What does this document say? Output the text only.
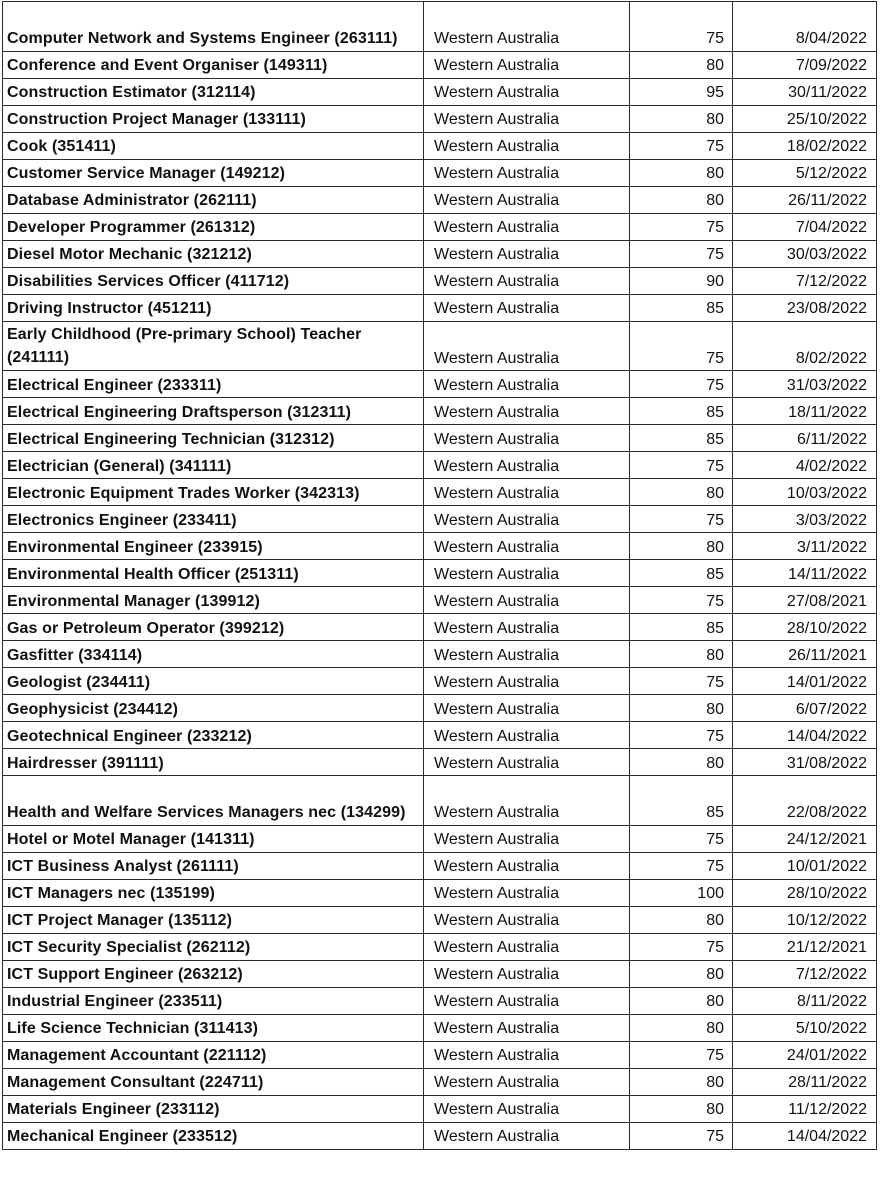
Computer Network and Systems Engineer (263111)	Western Australia	75	8/04/2022
Conference and Event Organiser (149311)	Western Australia	80	7/09/2022
Construction Estimator (312114)	Western Australia	95	30/11/2022
Construction Project Manager (133111)	Western Australia	80	25/10/2022
Cook (351411)	Western Australia	75	18/02/2022
Customer Service Manager (149212)	Western Australia	80	5/12/2022
Database Administrator (262111)	Western Australia	80	26/11/2022
Developer Programmer (261312)	Western Australia	75	7/04/2022
Diesel Motor Mechanic (321212)	Western Australia	75	30/03/2022
Disabilities Services Officer (411712)	Western Australia	90	7/12/2022
Driving Instructor (451211)	Western Australia	85	23/08/2022
Early Childhood (Pre-primary School) Teacher (241111)	Western Australia	75	8/02/2022
Electrical Engineer (233311)	Western Australia	75	31/03/2022
Electrical Engineering Draftsperson (312311)	Western Australia	85	18/11/2022
Electrical Engineering Technician (312312)	Western Australia	85	6/11/2022
Electrician (General) (341111)	Western Australia	75	4/02/2022
Electronic Equipment Trades Worker (342313)	Western Australia	80	10/03/2022
Electronics Engineer (233411)	Western Australia	75	3/03/2022
Environmental Engineer (233915)	Western Australia	80	3/11/2022
Environmental Health Officer (251311)	Western Australia	85	14/11/2022
Environmental Manager (139912)	Western Australia	75	27/08/2021
Gas or Petroleum Operator (399212)	Western Australia	85	28/10/2022
Gasfitter (334114)	Western Australia	80	26/11/2021
Geologist (234411)	Western Australia	75	14/01/2022
Geophysicist (234412)	Western Australia	80	6/07/2022
Geotechnical Engineer (233212)	Western Australia	75	14/04/2022
Hairdresser (391111)	Western Australia	80	31/08/2022
Health and Welfare Services Managers nec (134299)	Western Australia	85	22/08/2022
Hotel or Motel Manager (141311)	Western Australia	75	24/12/2021
ICT Business Analyst (261111)	Western Australia	75	10/01/2022
ICT Managers nec (135199)	Western Australia	100	28/10/2022
ICT Project Manager (135112)	Western Australia	80	10/12/2022
ICT Security Specialist (262112)	Western Australia	75	21/12/2021
ICT Support Engineer (263212)	Western Australia	80	7/12/2022
Industrial Engineer (233511)	Western Australia	80	8/11/2022
Life Science Technician (311413)	Western Australia	80	5/10/2022
Management Accountant (221112)	Western Australia	75	24/01/2022
Management Consultant (224711)	Western Australia	80	28/11/2022
Materials Engineer (233112)	Western Australia	80	11/12/2022
Mechanical Engineer (233512)	Western Australia	75	14/04/2022
